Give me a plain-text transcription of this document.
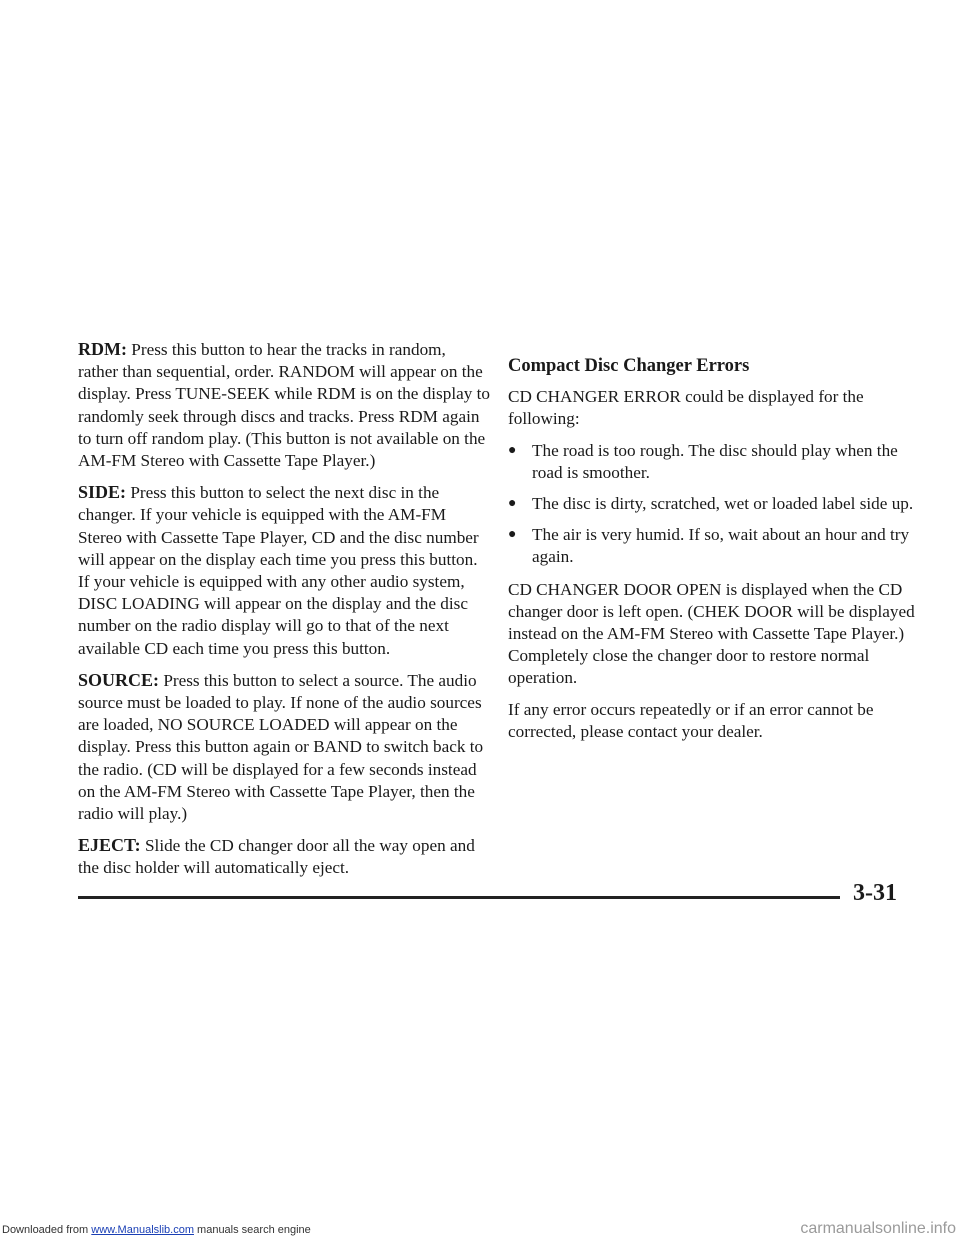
RDM: Press this button to hear the tracks in random, rather than sequential, order. RANDOM will appear on the display. Press TUNE-SEEK while RDM is on the display to randomly seek through discs and tracks. Press RDM again to turn off random play. (This button is not available on the AM-FM Stereo with Cassette Tape Player.)

SIDE: Press this button to select the next disc in the changer. If your vehicle is equipped with the AM-FM Stereo with Cassette Tape Player, CD and the disc number will appear on the display each time you press this button. If your vehicle is equipped with any other audio system, DISC LOADING will appear on the display and the disc number on the radio display will go to that of the next available CD each time you press this button.

SOURCE: Press this button to select a source. The audio source must be loaded to play. If none of the audio sources are loaded, NO SOURCE LOADED will appear on the display. Press this button again or BAND to switch back to the radio. (CD will be displayed for a few seconds instead on the AM-FM Stereo with Cassette Tape Player, then the radio will play.)

EJECT: Slide the CD changer door all the way open and the disc holder will automatically eject.

Compact Disc Changer Errors

CD CHANGER ERROR could be displayed for the following:

● The road is too rough. The disc should play when the road is smoother.
● The disc is dirty, scratched, wet or loaded label side up.
● The air is very humid. If so, wait about an hour and try again.

CD CHANGER DOOR OPEN is displayed when the CD changer door is left open. (CHEK DOOR will be displayed instead on the AM-FM Stereo with Cassette Tape Player.) Completely close the changer door to restore normal operation.

If any error occurs repeatedly or if an error cannot be corrected, please contact your dealer.

3-31
Downloaded from www.Manualslib.com manuals search engine	carmanualsonline.info
